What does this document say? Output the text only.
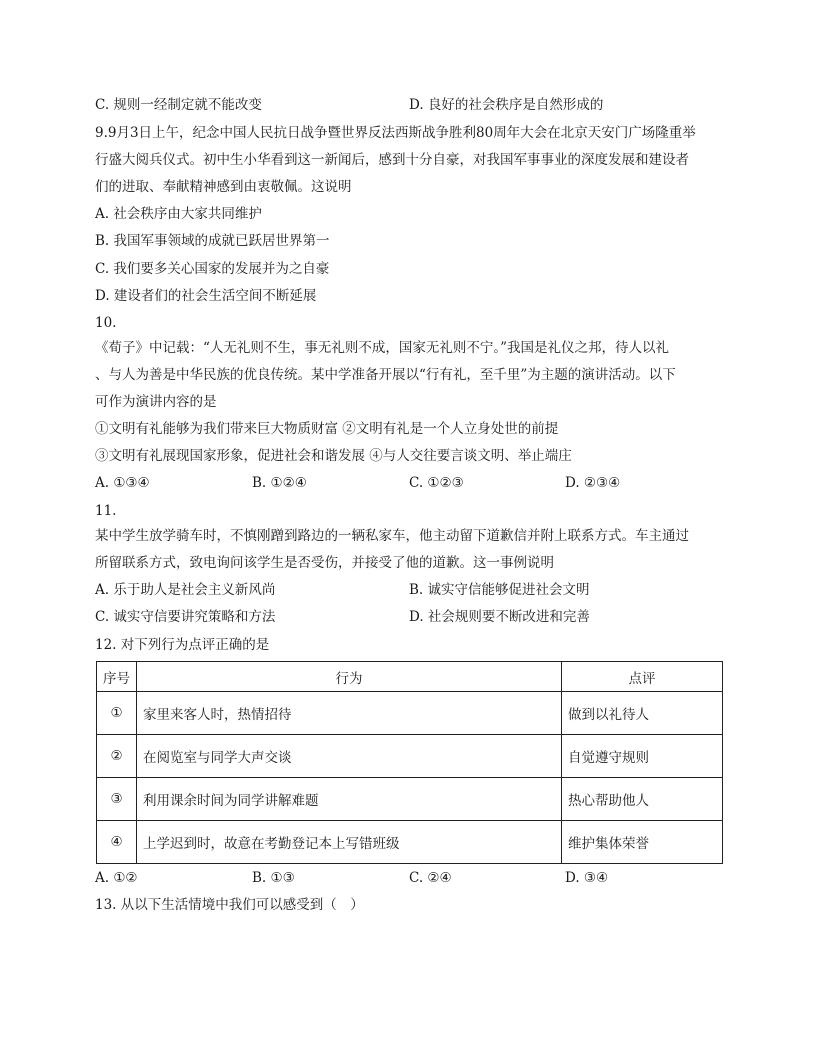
C. 规则一经制定就不能改变	D. 良好的社会秩序是自然形成的
9.9月3日上午，纪念中国人民抗日战争暨世界反法西斯战争胜利80周年大会在北京天安门广场隆重举
行盛大阅兵仪式。初中生小华看到这一新闻后，感到十分自豪，对我国军事事业的深度发展和建设者
们的进取、奉献精神感到由衷敬佩。这说明
A. 社会秩序由大家共同维护
B. 我国军事领域的成就已跃居世界第一
C. 我们要多关心国家的发展并为之自豪
D. 建设者们的社会生活空间不断延展
10.
《荀子》中记载：“人无礼则不生，事无礼则不成，国家无礼则不宁。”我国是礼仪之邦，待人以礼
、与人为善是中华民族的优良传统。某中学准备开展以“行有礼，至千里”为主题的演讲活动。以下
可作为演讲内容的是
①文明有礼能够为我们带来巨大物质财富 ②文明有礼是一个人立身处世的前提
③文明有礼展现国家形象，促进社会和谐发展 ④与人交往要言谈文明、举止端庄
A. ①③④	B. ①②④	C. ①②③	D. ②③④
11.
某中学生放学骑车时，不慎刚蹭到路边的一辆私家车，他主动留下道歉信并附上联系方式。车主通过
所留联系方式，致电询问该学生是否受伤，并接受了他的道歉。这一事例说明
A. 乐于助人是社会主义新风尚	B. 诚实守信能够促进社会文明
C. 诚实守信要讲究策略和方法	D. 社会规则要不断改进和完善
12. 对下列行为点评正确的是
序号	行为	点评
①	家里来客人时，热情招待	做到以礼待人
②	在阅览室与同学大声交谈	自觉遵守规则
③	利用课余时间为同学讲解难题	热心帮助他人
④	上学迟到时，故意在考勤登记本上写错班级	维护集体荣誉
A. ①②	B. ①③	C. ②④	D. ③④
13. 从以下生活情境中我们可以感受到（　）
